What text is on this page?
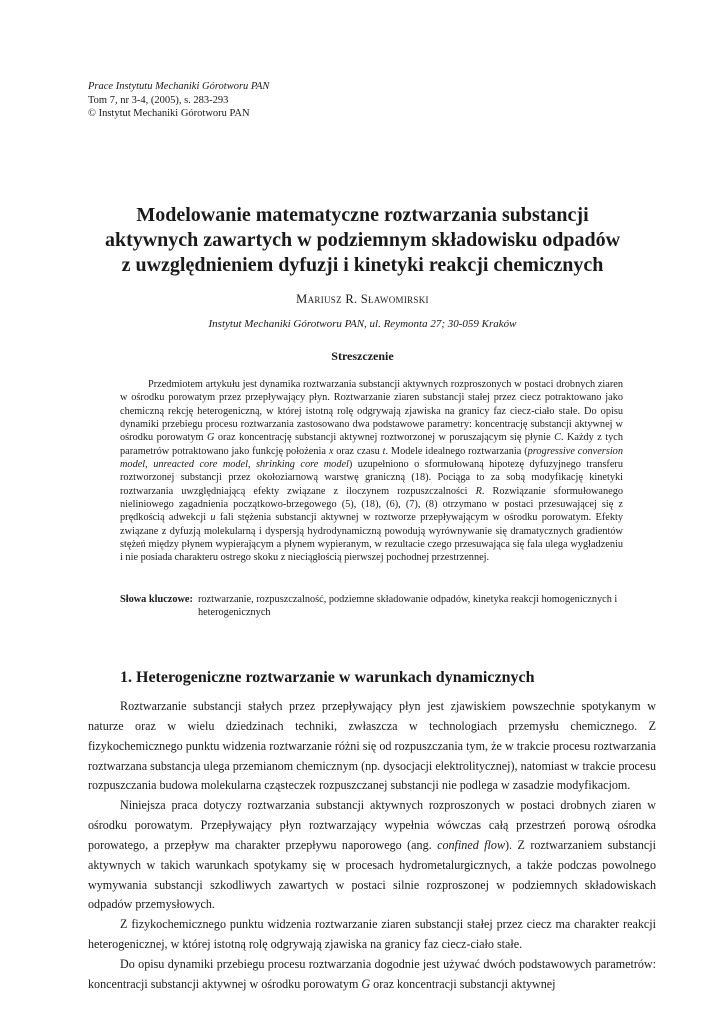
Prace Instytutu Mechaniki Górotworu PAN
Tom 7, nr 3-4, (2005), s. 283-293
© Instytut Mechaniki Górotworu PAN
Modelowanie matematyczne roztwarzania substancji
aktywnych zawartych w podziemnym składowisku odpadów
z uwzględnieniem dyfuzji i kinetyki reakcji chemicznych
Mariusz R. Sławomirski
Instytut Mechaniki Górotworu PAN, ul. Reymonta 27; 30-059 Kraków
Streszczenie
Przedmiotem artykułu jest dynamika roztwarzania substancji aktywnych rozproszonych w postaci drobnych ziaren w ośrodku porowatym przez przepływający płyn. Roztwarzanie ziaren substancji stałej przez ciecz potraktowano jako chemiczną rekcję heterogeniczną, w której istotną rolę odgrywają zjawiska na granicy faz ciecz-ciało stałe. Do opisu dynamiki przebiegu procesu roztwarzania zastosowano dwa podstawowe parametry: koncentrację substancji aktywnej w ośrodku porowatym G oraz koncentrację substancji aktywnej roztworzonej w poruszającym się płynie C. Każdy z tych parametrów potraktowano jako funkcję położenia x oraz czasu t. Modele idealnego roztwarzania (progressive conversion model, unreacted core model, shrinking core model) uzupełniono o sformułowaną hipotezę dyfuzyjnego transferu roztworzonej substancji przez okołoziarnową warstwę graniczną (18). Pociąga to za sobą modyfikację kinetyki roztwarzania uwzględniającą efekty związane z iloczynem rozpuszczalności R. Rozwiązanie sformułowanego nieliniowego zagadnienia początkowo-brzegowego (5), (18), (6), (7), (8) otrzymano w postaci przesuwającej się z prędkością adwekcji u fali stężenia substancji aktywnej w roztworze przepływającym w ośrodku porowatym. Efekty związane z dyfuzją molekularną i dyspersją hydrodynamiczną powodują wyrównywanie się dramatycznych gradientów stężeń między płynem wypierającym a płynem wypieranym, w rezultacie czego przesuwająca się fala ulega wygładzeniu i nie posiada charakteru ostrego skoku z nieciągłością pierwszej pochodnej przestrzennej.
Słowa kluczowe: roztwarzanie, rozpuszczalność, podziemne składowanie odpadów, kinetyka reakcji homogenicznych i heterogenicznych
1. Heterogeniczne roztwarzanie w warunkach dynamicznych

Roztwarzanie substancji stałych przez przepływający płyn jest zjawiskiem powszechnie spotykanym w naturze oraz w wielu dziedzinach techniki, zwłaszcza w technologiach przemysłu chemicznego. Z fizykochemicznego punktu widzenia roztwarzanie różni się od rozpuszczania tym, że w trakcie procesu roztwarzania roztwarzana substancja ulega przemianom chemicznym (np. dysocjacji elektrolitycznej), natomiast w trakcie procesu rozpuszczania budowa molekularna cząsteczek rozpuszczanej substancji nie podlega w zasadzie modyfikacjom.

Niniejsza praca dotyczy roztwarzania substancji aktywnych rozproszonych w postaci drobnych ziaren w ośrodku porowatym. Przepływający płyn roztwarzający wypełnia wówczas całą przestrzeń porową ośrodka porowatego, a przepływ ma charakter przepływu naporowego (ang. confined flow). Z roztwarzaniem substancji aktywnych w takich warunkach spotykamy się w procesach hydrometalurgicznych, a także podczas powolnego wymywania substancji szkodliwych zawartych w postaci silnie rozproszonej w podziemnych składowiskach odpadów przemysłowych.

Z fizykochemicznego punktu widzenia roztwarzanie ziaren substancji stałej przez ciecz ma charakter reakcji heterogenicznej, w której istotną rolę odgrywają zjawiska na granicy faz ciecz-ciało stałe.

Do opisu dynamiki przebiegu procesu roztwarzania dogodnie jest używać dwóch podstawowych parametrów: koncentracji substancji aktywnej w ośrodku porowatym G oraz koncentracji substancji aktywnej
